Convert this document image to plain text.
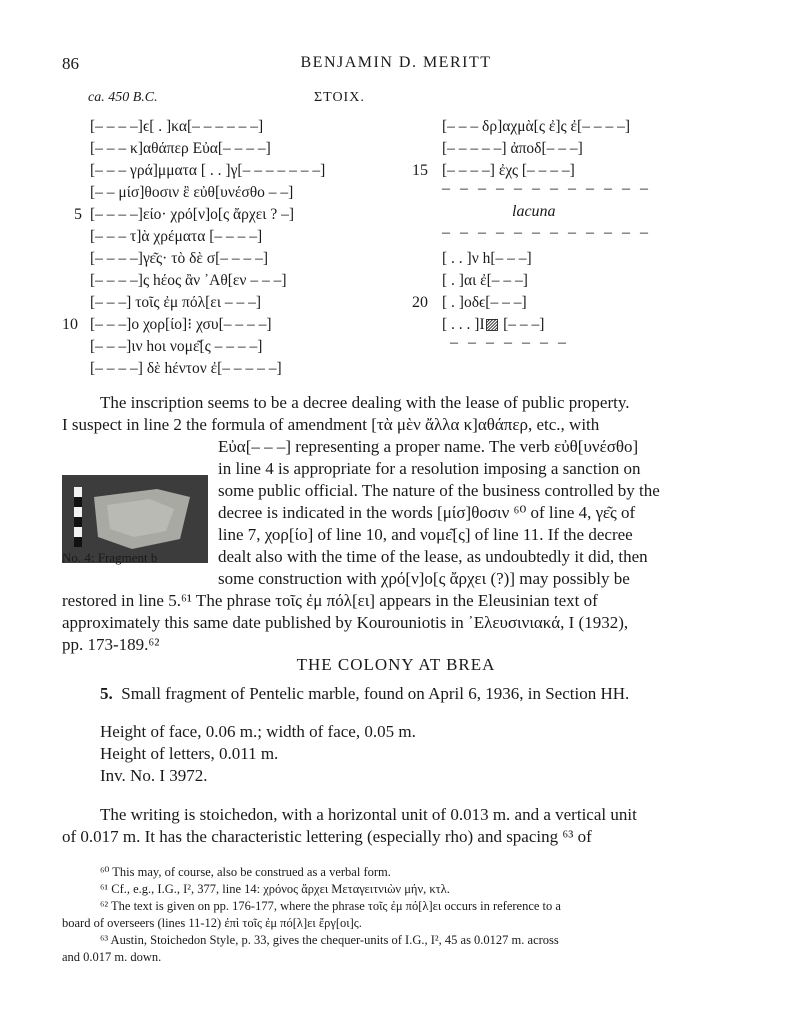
86	BENJAMIN D. MERITT
ca. 450 B.C.	ΣΤΟΙΧ.
[– – – –]ϵ[ . ]κα[– – – – – –]
[– – – κ]αθάπερ Εὐα[– – – –]
[– – – γρά]μματα [ . . ]γ[– – – – – – –]
[– – μίσ]θοσιν ἒ εὐθ[υνέσθο – –]
[– – – –]είο· χρό[ν]ο[ς ἄρχει ? –]
[– – – τ]ὰ χρέματα [– – – –]
[– – – –]γε͂ς· τὸ δὲ σ[– – – –]
[– – – –]ς hέος ἂν ᾿Αθ[εν – – –]
[– – –] τοῖς ἐμ πόλ[ει – – –]
[– – –]ο χορ[ίο]⁝ χσυ[– – – –]
[– – –]ιν hοι νομε͂[ς – – – –]
[– – – –] δὲ hέντον ἐ[– – – – –]
5
10
[– – – δρ]αχμὰ[ς ἐ]ς ἐ[– – – –]
[– – – – –] ἀποδ[– – –]
[– – – –] ἐχς [– – – –]
15
– – – – – – – – – – – –
lacuna
– – – – – – – – – – – –
[ . . ]ν h[– – –]
[ . ]αι ἐ[– – –]
[ . ]οδϵ[– – –]
[ . . . ]Ι▨ [– – –]
20
– – – – – – –
The inscription seems to be a decree dealing with the lease of public property.
I suspect in line 2 the formula of amendment [τὰ μὲν ἄλλα κ]αθάπερ, etc., with
Εὐα[– – –] representing a proper name. The verb εὐθ[υνέσθο]
in line 4 is appropriate for a resolution imposing a sanction on
some public official. The nature of the business controlled by the
decree is indicated in the words [μίσ]θοσιν ⁶⁰ of line 4, γε͂ς of
line 7, χορ[ίο] of line 10, and νομε͂[ς] of line 11. If the decree
dealt also with the time of the lease, as undoubtedly it did, then
some construction with χρό[ν]ο[ς ἄρχει (?)] may possibly be
restored in line 5.⁶¹ The phrase τοῖς ἐμ πόλ[ει] appears in the Eleusinian text of
approximately this same date published by Kourouniotis in ᾿Ελευσινιακά, I (1932),
pp. 173-189.⁶²
No. 4: Fragment b
THE COLONY AT BREA
5. Small fragment of Pentelic marble, found on April 6, 1936, in Section HH.
Height of face, 0.06 m.; width of face, 0.05 m.
Height of letters, 0.011 m.
Inv. No. I 3972.
The writing is stoichedon, with a horizontal unit of 0.013 m. and a vertical unit
of 0.017 m. It has the characteristic lettering (especially rho) and spacing ⁶³ of
⁶⁰ This may, of course, also be construed as a verbal form.
⁶¹ Cf., e.g., I.G., I², 377, line 14: χρόνος ἄρχει Μεταγειτνιὼν μήν, κτλ.
⁶² The text is given on pp. 176-177, where the phrase τοῖς ἐμ πό[λ]ει occurs in reference to a
board of overseers (lines 11-12) ἐπὶ τοῖς ἐμ πό[λ]ει ἔργ[οι]ς.
⁶³ Austin, Stoichedon Style, p. 33, gives the chequer-units of I.G., I², 45 as 0.0127 m. across
and 0.017 m. down.
